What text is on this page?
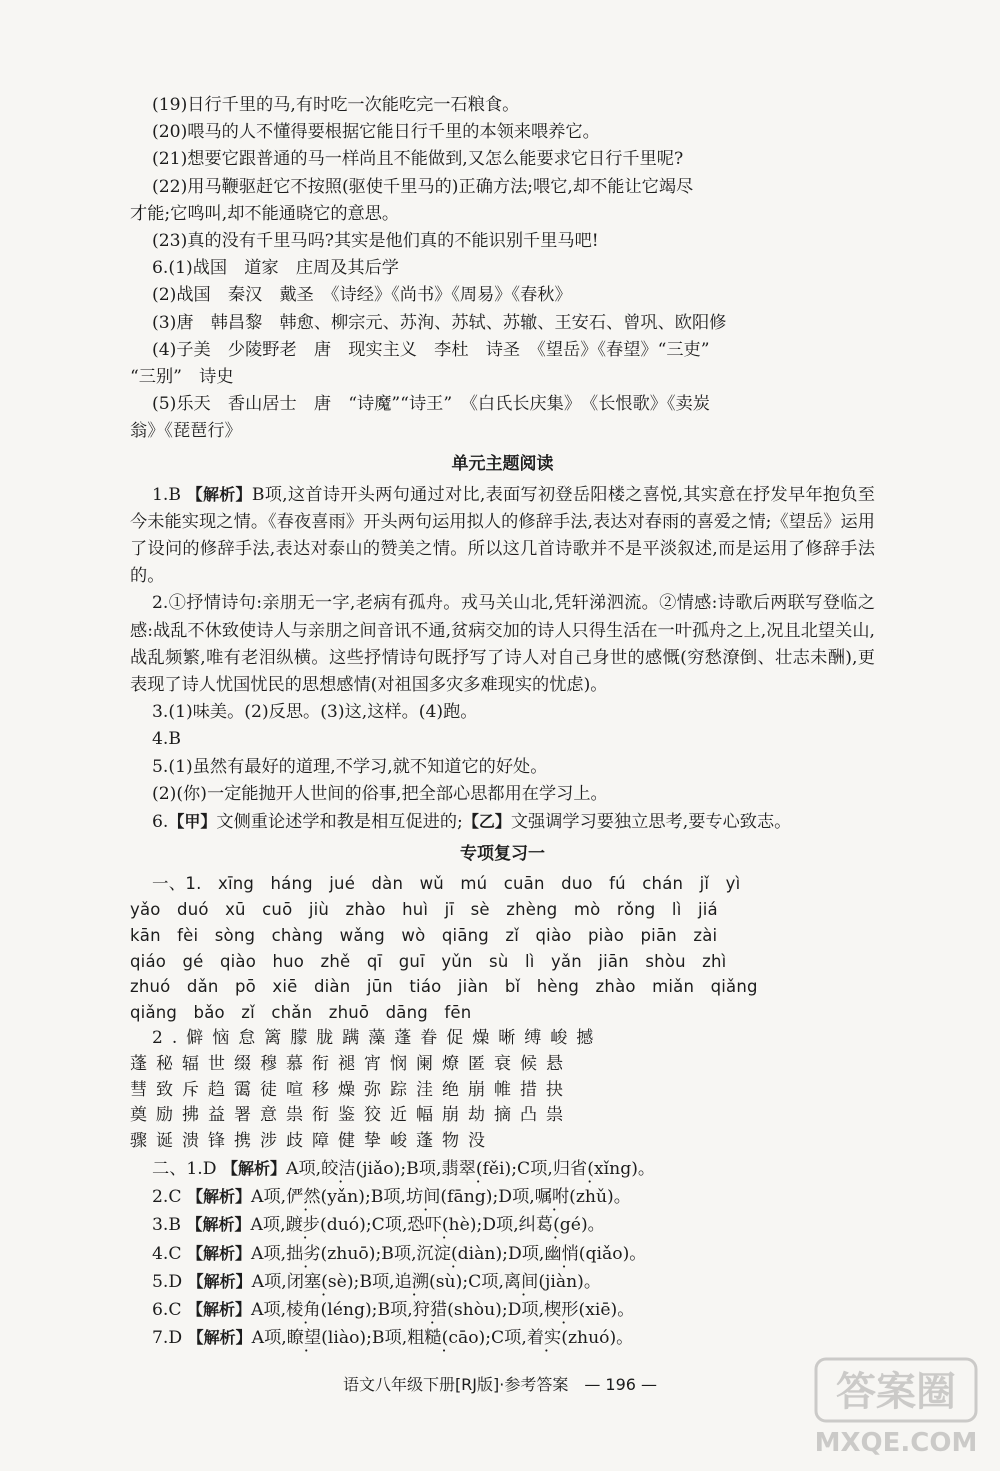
(19)日行千里的马,有时吃一次能吃完一石粮食。

(20)喂马的人不懂得要根据它能日行千里的本领来喂养它。

(21)想要它跟普通的马一样尚且不能做到,又怎么能要求它日行千里呢?

(22)用马鞭驱赶它不按照(驱使千里马的)正确方法;喂它,却不能让它竭尽

才能;它鸣叫,却不能通晓它的意思。

(23)真的没有千里马吗?其实是他们真的不能识别千里马吧!

6.(1)战国　道家　庄周及其后学

(2)战国　秦汉　戴圣　《诗经》《尚书》《周易》《春秋》

(3)唐　韩昌黎　韩愈、柳宗元、苏洵、苏轼、苏辙、王安石、曾巩、欧阳修

(4)子美　少陵野老　唐　现实主义　李杜　诗圣　《望岳》《春望》“三吏”

“三别”　诗史

(5)乐天　香山居士　唐　“诗魔”“诗王”　《白氏长庆集》　《长恨歌》《卖炭

翁》《琵琶行》

单元主题阅读

1.B 【解析】B项,这首诗开头两句通过对比,表面写初登岳阳楼之喜悦,其实意在抒发早年抱负至今未能实现之情。《春夜喜雨》开头两句运用拟人的修辞手法,表达对春雨的喜爱之情;《望岳》运用了设问的修辞手法,表达对泰山的赞美之情。所以这几首诗歌并不是平淡叙述,而是运用了修辞手法的。

2.①抒情诗句:亲朋无一字,老病有孤舟。戎马关山北,凭轩涕泗流。②情感:诗歌后两联写登临之感:战乱不休致使诗人与亲朋之间音讯不通,贫病交加的诗人只得生活在一叶孤舟之上,况且北望关山,战乱频繁,唯有老泪纵横。这些抒情诗句既抒写了诗人对自己身世的感慨(穷愁潦倒、壮志未酬),更表现了诗人忧国忧民的思想感情(对祖国多灾多难现实的忧虑)。

3.(1)味美。(2)反思。(3)这,这样。(4)跑。

4.B

5.(1)虽然有最好的道理,不学习,就不知道它的好处。

(2)(你)一定能抛开人世间的俗事,把全部心思都用在学习上。

6.【甲】文侧重论述学和教是相互促进的;【乙】文强调学习要独立思考,要专心致志。

专项复习一

一、1. xīng háng jué dàn wǔ mú cuān duo fú chán jǐ yì

yǎo duó xū cuō jiù zhào huì jī sè zhèng mò rǒng lì jiá

kān fèi sòng chàng wǎng wò qiāng zǐ qiào piào piān zài

qiáo gé qiào huo zhě qī guī yǔn sù lì yǎn jiān shòu zhì

zhuó dǎn pō xiē diàn jūn tiáo jiàn bǐ hèng zhào miǎn qiǎng

qiǎng bǎo zǐ chǎn zhuō dāng fēn

2.僻恼怠篱朦胧蹒藻蓬眷促燥晰缚峻撼

蓬秘辐世缀穆慕衔褪宵悯阑燎匿衰候悬

彗致斥趋霭徒喧移燥弥踪洼绝崩帷措抉

奠励拂益署意祟衔鉴狡近幅崩劫摘凸祟

骤诞溃锋携涉歧障健挚峻蓬物没

二、1.D 【解析】A项,皎洁(jiǎo);B项,翡翠(fěi);C项,归省(xǐng)。

2.C 【解析】A项,俨然(yǎn);B项,坊间(fāng);D项,嘱咐(zhǔ)。

3.B 【解析】A项,踱步(duó);C项,恐吓(hè);D项,纠葛(gé)。

4.C 【解析】A项,拙劣(zhuō);B项,沉淀(diàn);D项,幽悄(qiǎo)。

5.D 【解析】A项,闭塞(sè);B项,追溯(sù);C项,离间(jiàn)。

6.C 【解析】A项,棱角(léng);B项,狩猎(shòu);D项,楔形(xiē)。

7.D 【解析】A项,瞭望(liào);B项,粗糙(cāo);C项,着实(zhuó)。

语文八年级下册[RJ版]·参考答案　— 196 —	答案圈
MXQE.COM
